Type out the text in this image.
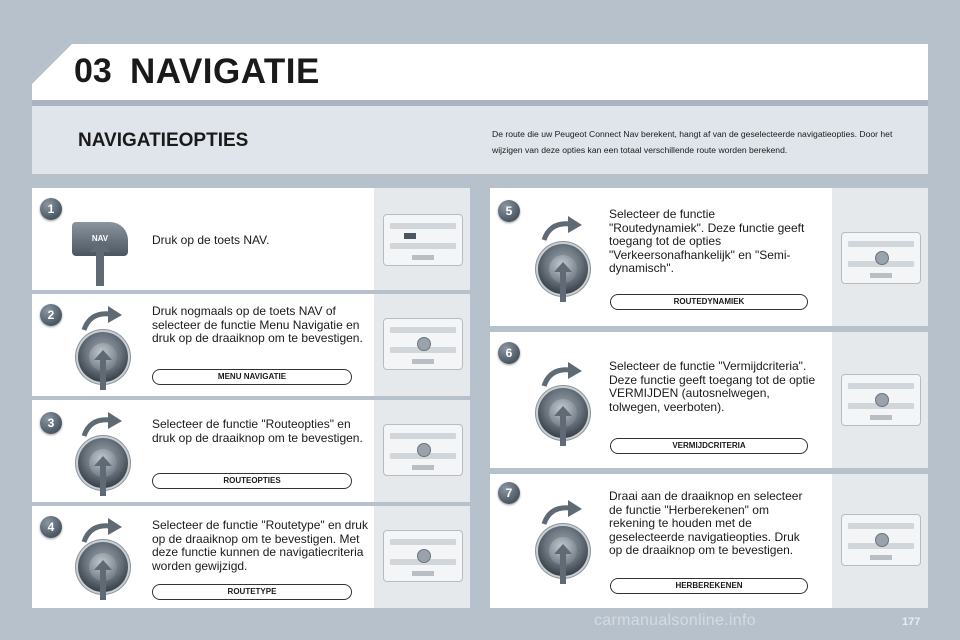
03 NAVIGATIE
NAVIGATIEOPTIES	De route die uw Peugeot Connect Nav berekent, hangt af van de geselecteerde navigatieopties. Door het wijzigen van deze opties kan een totaal verschillende route worden berekend.
1
NAV	Druk op de toets NAV.
2	Druk nogmaals op de toets NAV of selecteer de functie Menu Navigatie en druk op de draaiknop om te bevestigen.
MENU NAVIGATIE
3	Selecteer de functie "Routeopties" en druk op de draaiknop om te bevestigen.
ROUTEOPTIES
4	Selecteer de functie "Routetype" en druk op de draaiknop om te bevestigen. Met deze functie kunnen de navigatiecriteria worden gewijzigd.
ROUTETYPE
5	Selecteer de functie "Routedynamiek". Deze functie geeft toegang tot de opties "Verkeersonafhankelijk" en "Semi-dynamisch".
ROUTEDYNAMIEK
6
Selecteer de functie "Vermijdcriteria". Deze functie geeft toegang tot de optie VERMIJDEN (autosnelwegen, tolwegen, veerboten).
VERMIJDCRITERIA
7	Draai aan de draaiknop en selecteer de functie "Herberekenen" om rekening te houden met de geselecteerde navigatieopties. Druk op de draaiknop om te bevestigen.
HERBEREKENEN
carmanualsonline.info	177
